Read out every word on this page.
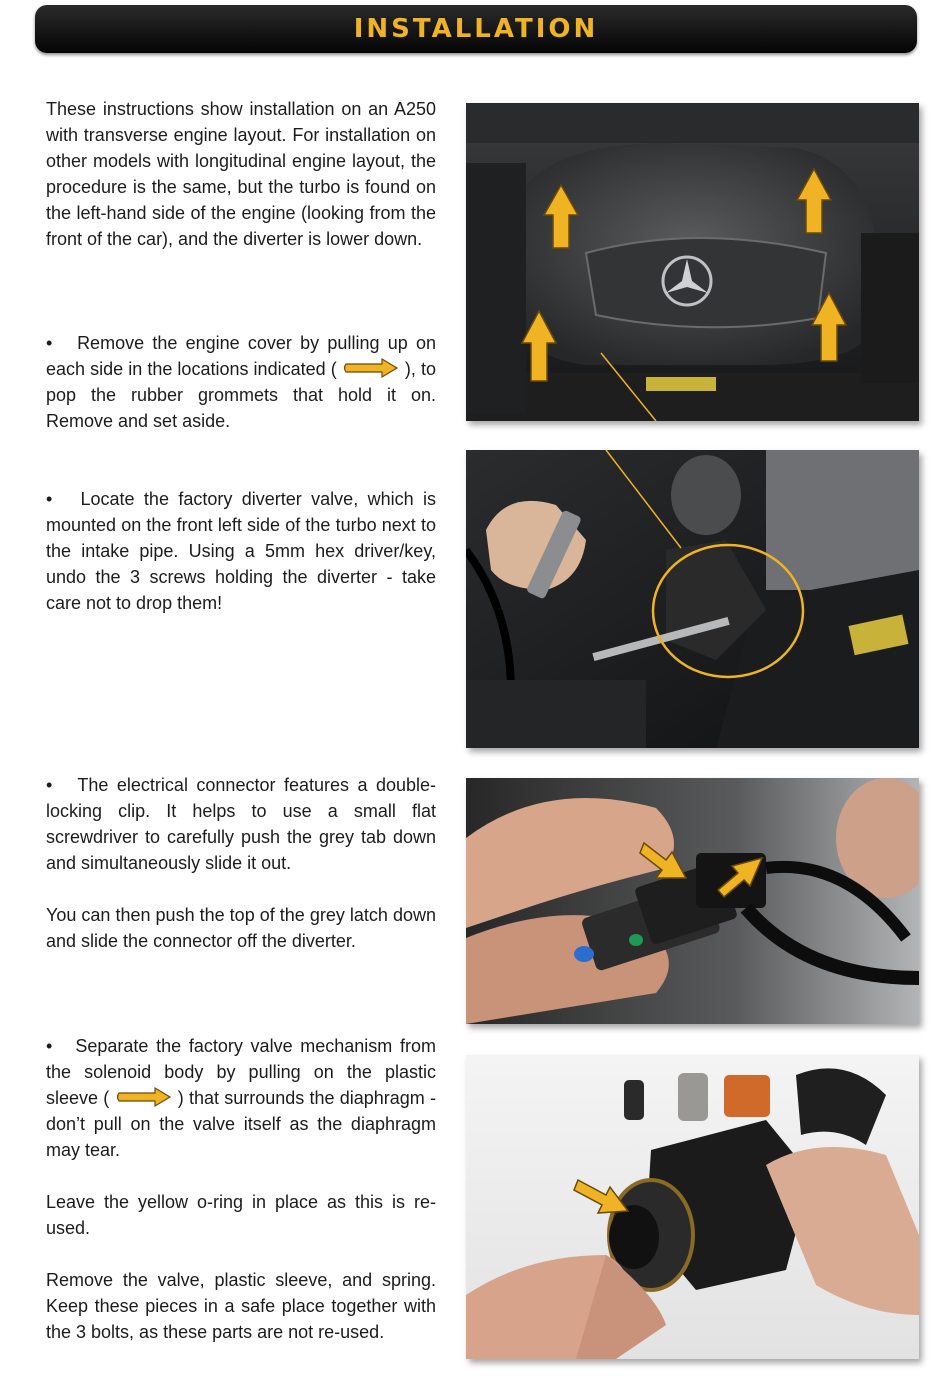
INSTALLATION

These instructions show installation on an A250 with transverse engine layout. For installation on other models with longitudinal engine layout, the procedure is the same, but the turbo is found on the left-hand side of the engine (looking from the front of the car), and the diverter is lower down.

• Remove the engine cover by pulling up on each side in the locations indicated (	), to pop the rubber grommets that hold it on. Remove and set aside.

• Locate the factory diverter valve, which is mounted on the front left side of the turbo next to the intake pipe. Using a 5mm hex driver/key, undo the 3 screws holding the diverter - take care not to drop them!

• The electrical connector features a double-locking clip. It helps to use a small flat screwdriver to carefully push the grey tab down and simultaneously slide it out.

You can then push the top of the grey latch down and slide the connector off the diverter.

• Separate the factory valve mechanism from the solenoid body by pulling on the plastic sleeve (	) that surrounds the diaphragm - don’t pull on the valve itself as the diaphragm may tear.

Leave the yellow o-ring in place as this is re-used.

Remove the valve, plastic sleeve, and spring. Keep these pieces in a safe place together with the 3 bolts, as these parts are not re-used.
